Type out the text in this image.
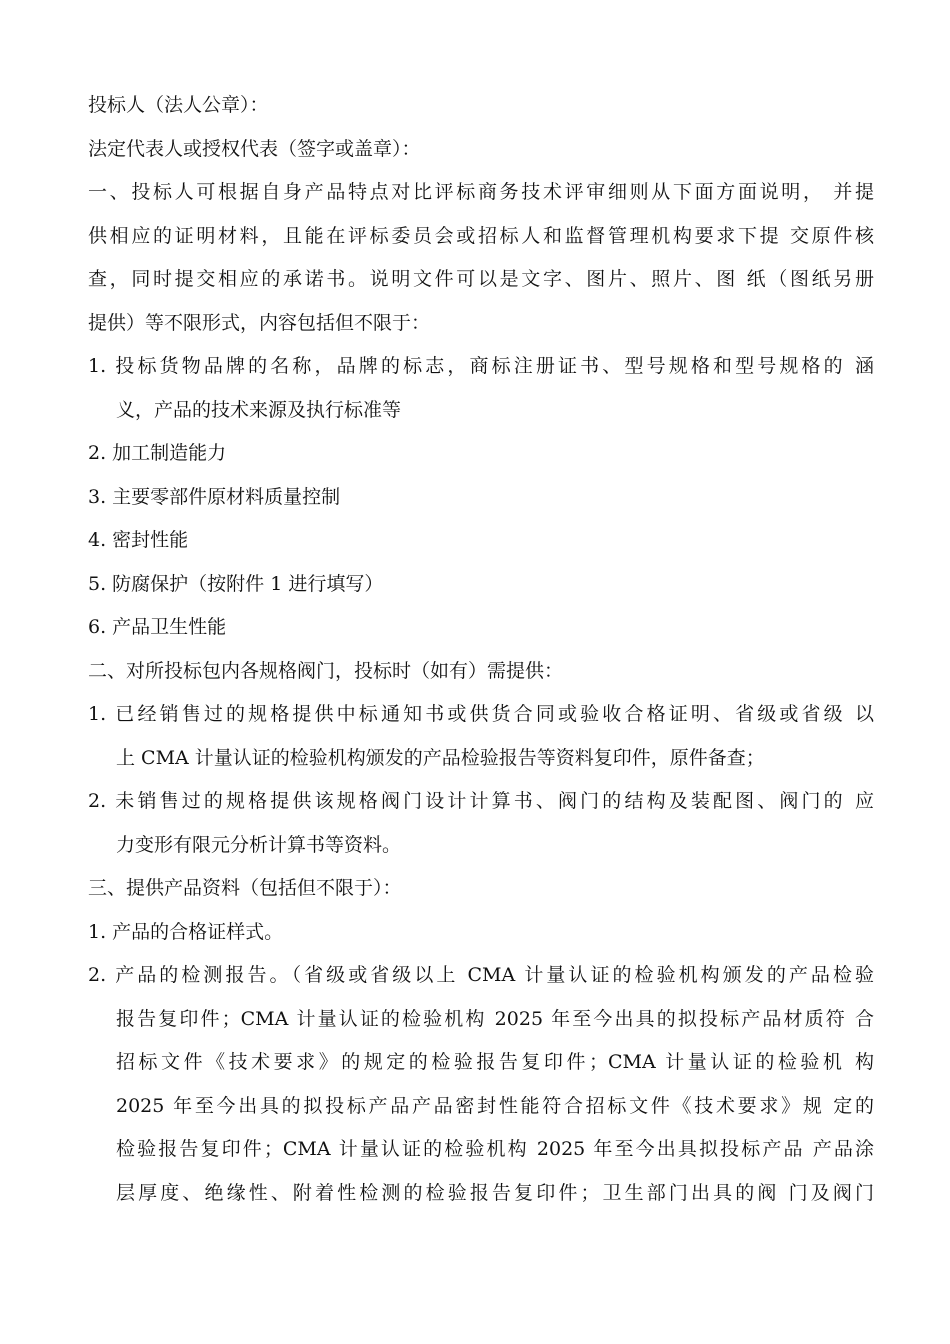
投标人（法人公章）：
法定代表人或授权代表（签字或盖章）：
一、投标人可根据自身产品特点对比评标商务技术评审细则从下面方面说明， 并提
供相应的证明材料，且能在评标委员会或招标人和监督管理机构要求下提 交原件核
查，同时提交相应的承诺书。说明文件可以是文字、图片、照片、图 纸（图纸另册
提供）等不限形式，内容包括但不限于：
1. 投标货物品牌的名称，品牌的标志，商标注册证书、型号规格和型号规格的 涵
义，产品的技术来源及执行标准等
2. 加工制造能力
3. 主要零部件原材料质量控制
4. 密封性能
5. 防腐保护（按附件 1 进行填写）
6. 产品卫生性能
二、对所投标包内各规格阀门，投标时（如有）需提供：
1. 已经销售过的规格提供中标通知书或供货合同或验收合格证明、省级或省级 以
上 CMA 计量认证的检验机构颁发的产品检验报告等资料复印件，原件备查；
2. 未销售过的规格提供该规格阀门设计计算书、阀门的结构及装配图、阀门的 应
力变形有限元分析计算书等资料。
三、提供产品资料（包括但不限于）：
1. 产品的合格证样式。
2. 产品的检测报告。（省级或省级以上 CMA 计量认证的检验机构颁发的产品检验
报告复印件；CMA 计量认证的检验机构 2025 年至今出具的拟投标产品材质符 合
招标文件《技术要求》的规定的检验报告复印件；CMA 计量认证的检验机 构
2025 年至今出具的拟投标产品产品密封性能符合招标文件《技术要求》规 定的
检验报告复印件；CMA 计量认证的检验机构 2025 年至今出具拟投标产品 产品涂
层厚度、绝缘性、附着性检测的检验报告复印件；卫生部门出具的阀 门及阀门
